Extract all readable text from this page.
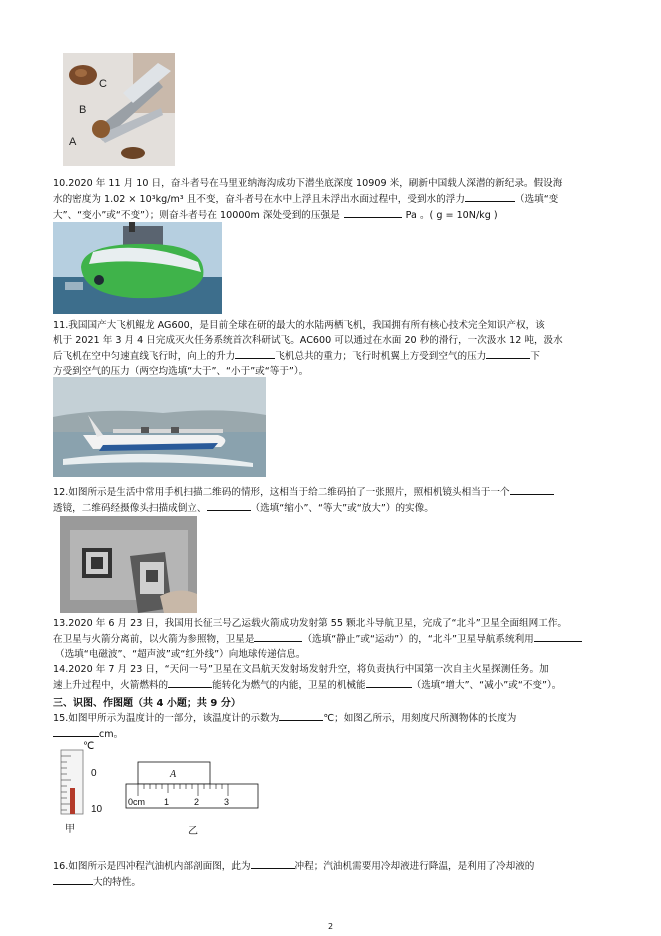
C
B
A
10.2020 年 11 月 10 日，奋斗者号在马里亚纳海沟成功下潜坐底深度 10909 米，刷新中国载人深潜的新纪录。假设海
水的密度为 1.02 × 10³kg/m³ 且不变，奋斗者号在水中上浮且未浮出水面过程中，受到水的浮力	（选填“变
大”、“变小”或“不变”）；则奋斗者号在 10000m 深处受到的压强是	Pa 。( g = 10N/kg )
11.我国国产大飞机鲲龙 AG600，是目前全球在研的最大的水陆两栖飞机，我国拥有所有核心技术完全知识产权，该
机于 2021 年 3 月 4 日完成灭火任务系统首次科研试飞。AC600 可以通过在水面 20 秒的滑行，一次汲水 12 吨，汲水
后飞机在空中匀速直线飞行时，向上的升力	飞机总共的重力；飞行时机翼上方受到空气的压力	下
方受到空气的压力（两空均选填“大于”、“小于”或“等于”）。
12.如图所示是生活中常用手机扫描二维码的情形，这相当于给二维码拍了一张照片，照相机镜头相当于一个
透镜，二维码经摄像头扫描成倒立、	（选填“缩小”、“等大”或“放大”）的实像。
13.2020 年 6 月 23 日，我国用长征三号乙运载火箭成功发射第 55 颗北斗导航卫星，完成了“北斗”卫星全面组网工作。
在卫星与火箭分离前，以火箭为参照物，卫星是	（选填“静止”或“运动”）的，“北斗”卫星导航系统利用
（选填“电磁波”、“超声波”或“红外线”）向地球传递信息。
14.2020 年 7 月 23 日，“天问一号”卫星在文昌航天发射场发射升空，将负责执行中国第一次自主火星探测任务。加
速上升过程中，火箭燃料的	能转化为燃气的内能，卫星的机械能	（选填“增大”、“减小”或“不变”）。
三、识图、作图题（共 4 小题；共 9 分）
15.如图甲所示为温度计的一部分，该温度计的示数为	℃；如图乙所示，用刻度尺所测物体的长度为
cm。
℃
0
10
甲
A
0cm 1	2	3
乙
16.如图所示是四冲程汽油机内部剖面图，此为	冲程；汽油机需要用冷却液进行降温，是利用了冷却液的
大的特性。
2
